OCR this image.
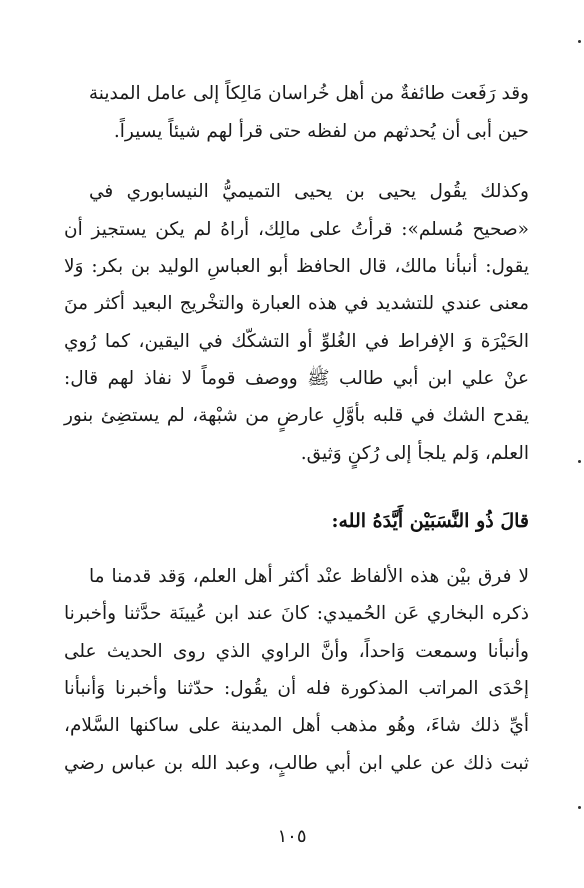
وقد رَفَعت طائفةٌ من أهل خُراسان مَالِكاً إلى عامل المدينة
حين أبى أن يُحدثهم من لفظه حتى قرأ لهم شيئاً يسيراً.
وكذلك يقُول يحيى بن يحيى التميميُّ النيسابوري في
«صحيح مُسلم»: قرأتُ على مالِك، أراهُ لم يكن يستجيز أن
يقول: أنبأنا مالك، قال الحافظ أبو العباسِ الوليد بن بكر: وَلا
معنى عندي للتشديد في هذه العبارة والتخْريج البعيد أكثر منَ
الحَيْرَة وَ الإفراط في الغُلوِّ أو التشكّك في اليقين، كما رُوي
عنْ علي ابن أبي طالب ﷺ ووصف قوماً لا نفاذ لهم قال:
يقدح الشك في قلبه بأوَّلِ عارضٍ من شبْهة، لم يستضِئ بنور
العلم، وَلم يلجأ إلى رُكنٍ وَثيق.
قالَ ذُو النَّسَبَيْن أَيَّدَهُ الله:
لا فرق بيْن هذه الألفاظ عنْد أكثر أهل العلم، وَقد قدمنا ما
ذكره البخاري عَن الحُميدي: كانَ عند ابن عُيينَة حدَّثنا وأخبرنا
وأنبأنا وسمعت وَاحداً، وأنَّ الراوي الذي روى الحديث على
إحْدَى المراتب المذكورة فله أن يقُول: حدّثنا وأخبرنا وَأنبأنا
أيِّ ذلك شاءَ، وهُو مذهب أهل المدينة على ساكنها السَّلام،
ثبت ذلك عن علي ابن أبي طالبٍ، وعبد الله بن عباس رضي
١٠٥
